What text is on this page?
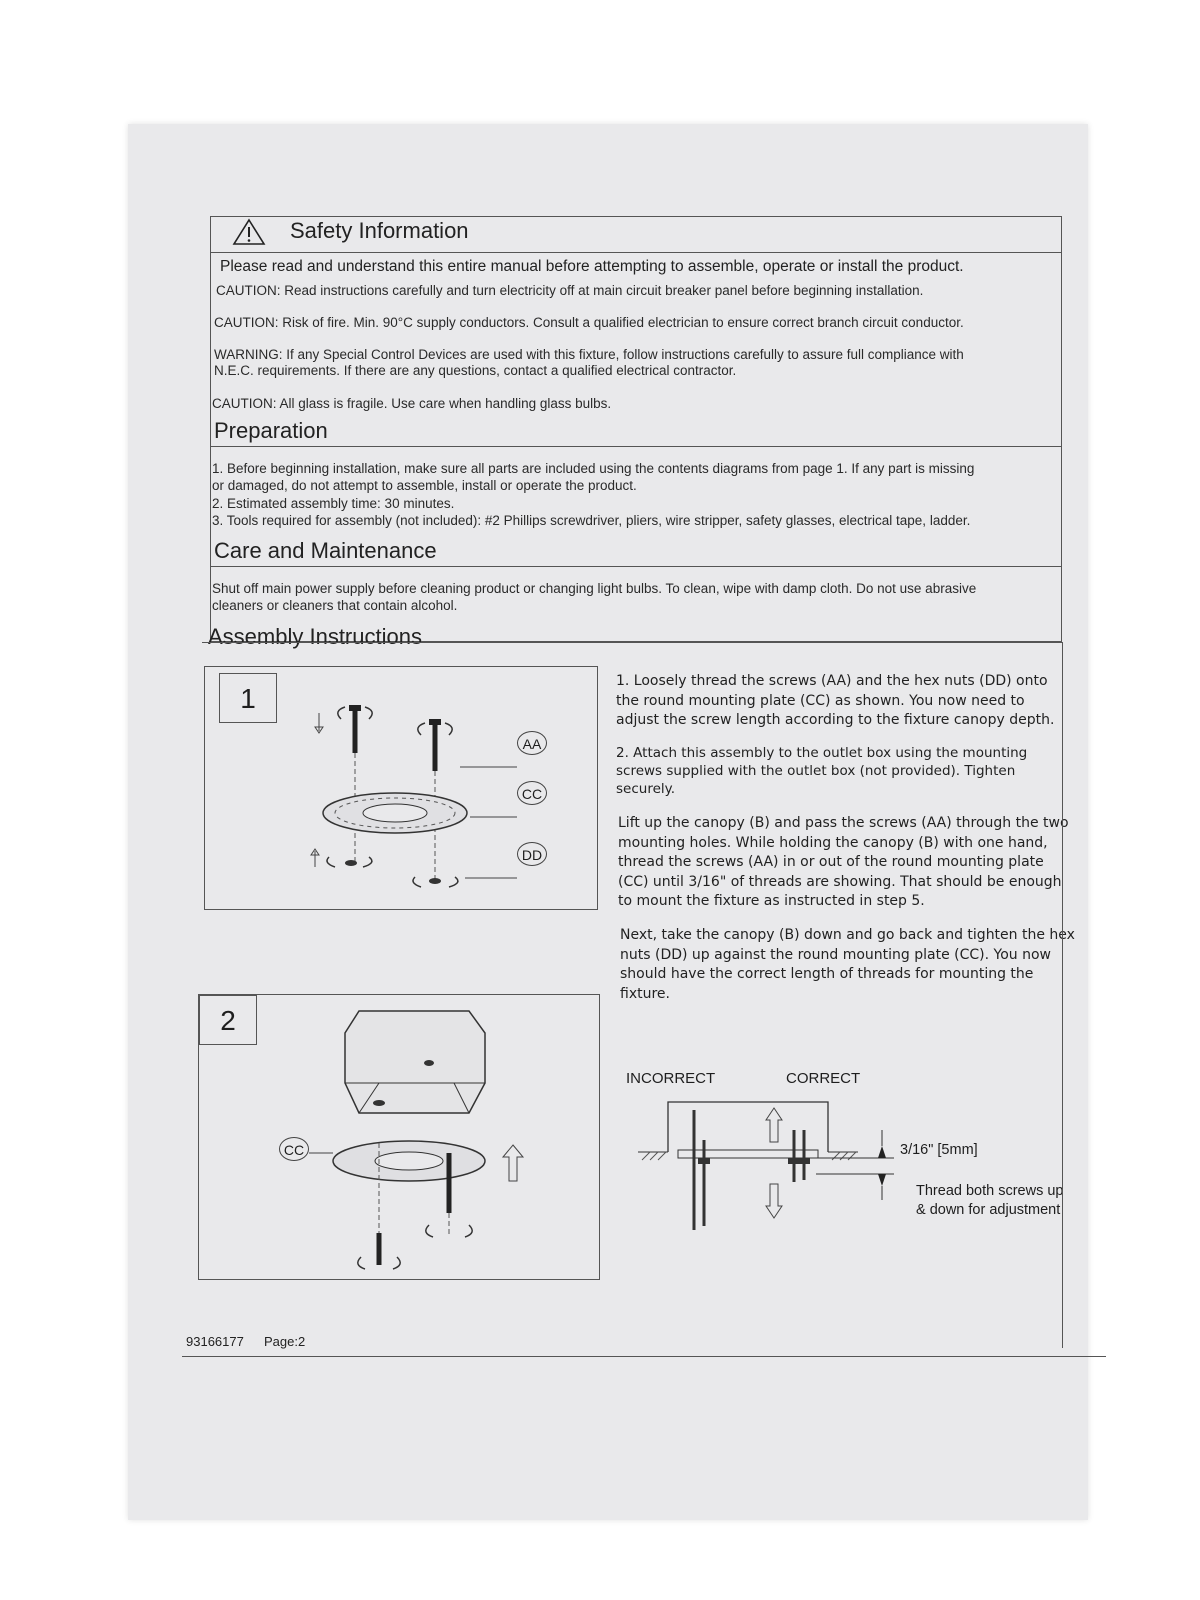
Safety Information
Please read and understand this entire manual before attempting to assemble, operate or install the product.
CAUTION: Read instructions carefully and turn electricity off at main circuit breaker panel before beginning installation.
CAUTION: Risk of fire. Min. 90°C supply conductors. Consult a qualified electrician to ensure correct branch circuit conductor.
WARNING: If any Special Control Devices are used with this fixture, follow instructions carefully to assure full compliance with
N.E.C. requirements. If there are any questions, contact a qualified electrical contractor.
CAUTION: All glass is fragile. Use care when handling glass bulbs.
Preparation
1. Before beginning installation, make sure all parts are included using the contents diagrams from page 1. If any part is missing
or damaged, do not attempt to assemble, install or operate the product.
2. Estimated assembly time: 30 minutes.
3. Tools required for assembly (not included): #2 Phillips screwdriver, pliers, wire stripper, safety glasses, electrical tape, ladder.
Care and Maintenance
Shut off main power supply before cleaning product or changing light bulbs. To clean, wipe with damp cloth. Do not use abrasive
cleaners or cleaners that contain alcohol.
Assembly Instructions
1
AA
CC
DD
2
CC
1. Loosely thread the screws (AA) and the hex nuts (DD) onto
the round mounting plate (CC) as shown. You now need to
adjust the screw length according to the fixture canopy depth.
2. Attach this assembly to the outlet box using the mounting
screws supplied with the outlet box (not provided). Tighten
securely.
Lift up the canopy (B) and pass the screws (AA) through the two
mounting holes. While holding the canopy (B) with one hand,
thread the screws (AA) in or out of the round mounting plate
(CC) until 3/16" of threads are showing. That should be enough
to mount the fixture as instructed in step 5.
Next, take the canopy (B) down and go back and tighten the hex
nuts (DD) up against the round mounting plate (CC). You now
should have the correct length of threads for mounting the
fixture.
INCORRECT	CORRECT
3/16" [5mm]
Thread both screws up
& down for adjustment
93166177 Page:2
